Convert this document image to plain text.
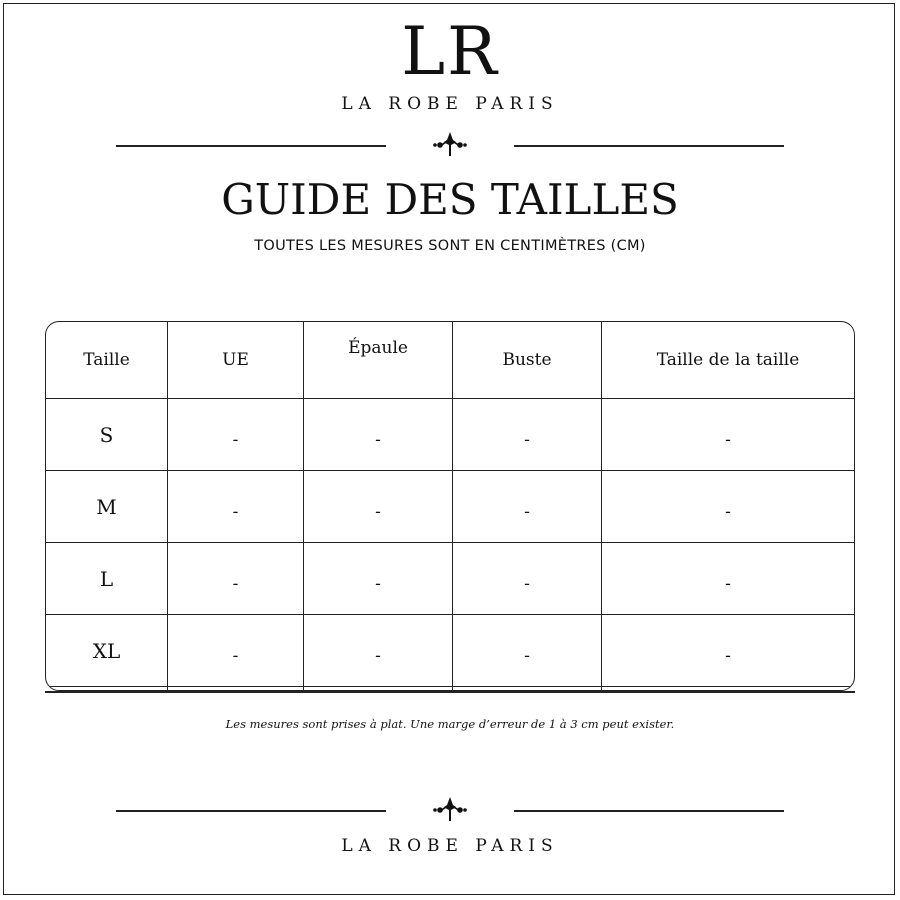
LR
LA ROBE PARIS
GUIDE DES TAILLES
TOUTES LES MESURES SONT EN CENTIMÈTRES (CM)
Taille	UE	Épaule	Buste	Taille de la taille
S	-	-	-	-
M	-	-	-	-
L	-	-	-	-
XL	-	-	-	-

Les mesures sont prises à plat. Une marge d’erreur de 1 à 3 cm peut exister.
LA ROBE PARIS
